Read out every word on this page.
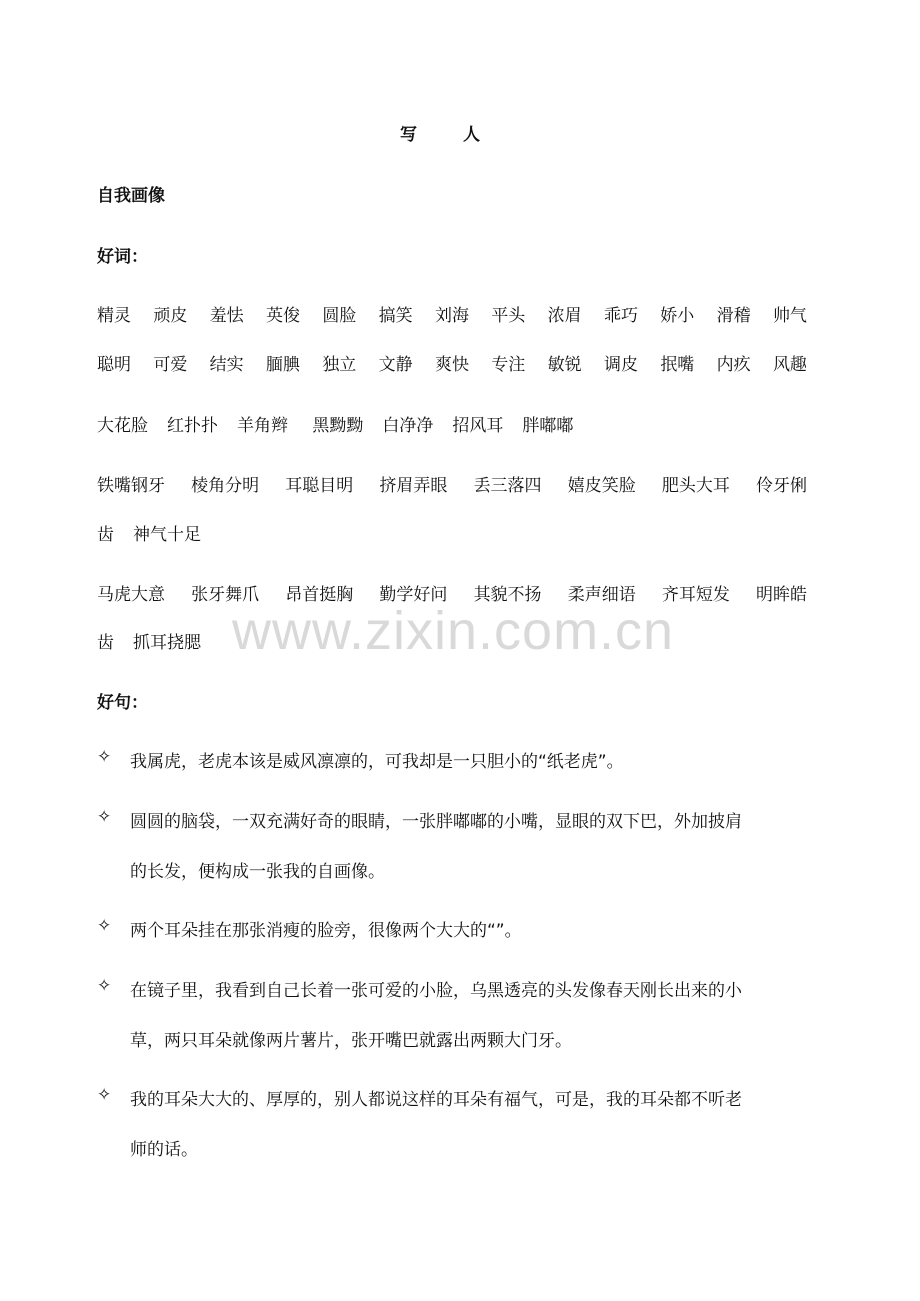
写 人
自我画像
好词：
精灵 顽皮 羞怯 英俊 圆脸 搞笑 刘海 平头 浓眉 乖巧 娇小 滑稽 帅气
聪明 可爱 结实 腼腆 独立 文静 爽快 专注 敏锐 调皮 抿嘴 内疚 风趣
大花脸 红扑扑 羊角辫 黑黝黝 白净净 招风耳 胖嘟嘟
铁嘴钢牙 棱角分明 耳聪目明 挤眉弄眼 丢三落四 嬉皮笑脸 肥头大耳 伶牙俐
齿 神气十足
马虎大意 张牙舞爪 昂首挺胸 勤学好问 其貌不扬 柔声细语 齐耳短发 明眸皓
齿 抓耳挠腮 www.zixin.com.cn
好句：
✧ 我属虎，老虎本该是威风凛凛的，可我却是一只胆小的“纸老虎”。
✧ 圆圆的脑袋，一双充满好奇的眼睛，一张胖嘟嘟的小嘴，显眼的双下巴，外加披肩
的长发，便构成一张我的自画像。
✧ 两个耳朵挂在那张消瘦的脸旁，很像两个大大的“”。
✧ 在镜子里，我看到自己长着一张可爱的小脸，乌黑透亮的头发像春天刚长出来的小
草，两只耳朵就像两片薯片，张开嘴巴就露出两颗大门牙。
✧ 我的耳朵大大的、厚厚的，别人都说这样的耳朵有福气，可是，我的耳朵都不听老
师的话。
